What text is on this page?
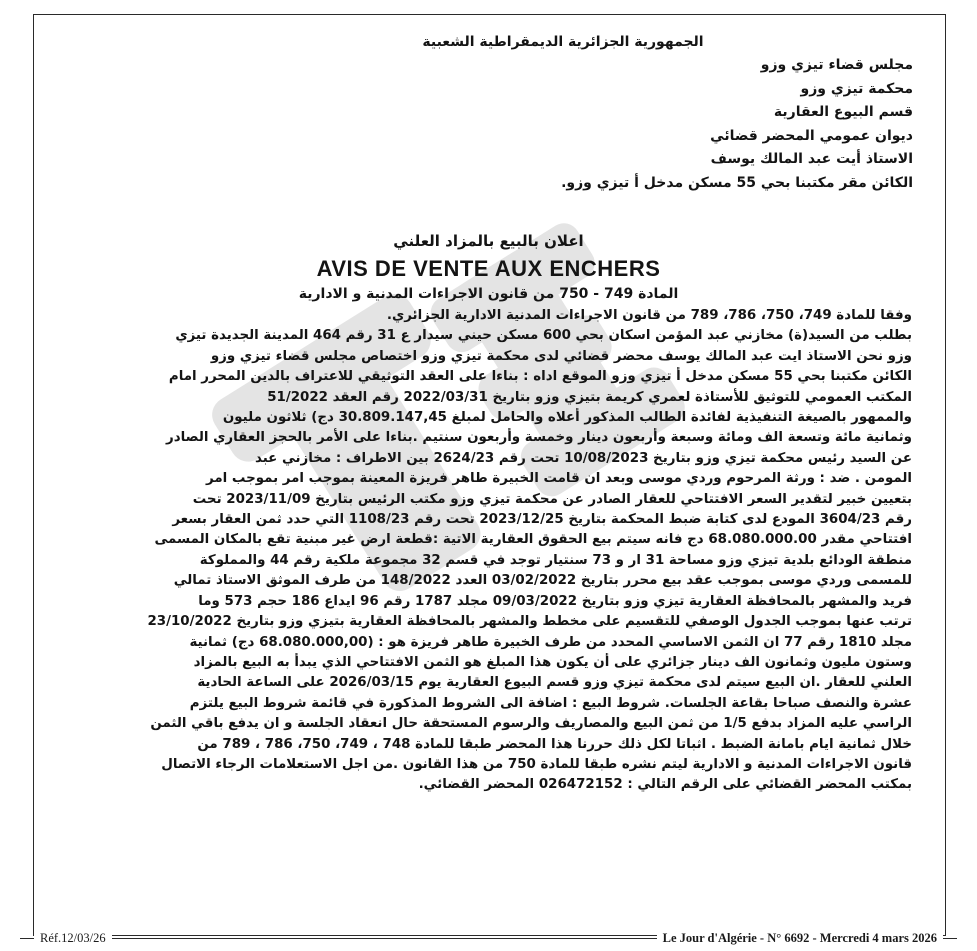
الجمهورية الجزائرية الديمقراطية الشعبية
مجلس قضاء تيزي وزو
محكمة تيزي وزو
قسم البيوع العقارية
ديوان عمومي المحضر قضائي
الاستاذ أيت عبد المالك يوسف
الكائن مقر مكتبنا بحي 55 مسكن مدخل أ تيزي وزو.
اعلان بالبيع بالمزاد العلني
AVIS DE VENTE AUX ENCHERS
المادة 749 - 750 من قانون الاجراءات المدنية و الادارية

وفقا للمادة 749، 750، 786، 789 من قانون الاجراءات المدنية الادارية الجزائري.

بطلب من السيد(ة) مخازني عبد المؤمن اسكان بحي 600 مسكن حيني سيدار ع 31 رقم 464 المدينة الجديدة تيزي

وزو نحن الاستاذ ايت عبد المالك يوسف محضر قضائي لدى محكمة تيزي وزو اختصاص مجلس قضاء تيزي وزو

الكائن مكتبنا بحي 55 مسكن مدخل أ تيزي وزو الموقع اداه : بناءا على العقد التوثيقي للاعتراف بالدين المحرر امام

المكتب العمومي للتوثيق للأستاذة لعمري كريمة بتيزي وزو بتاريخ 2022/03/31 رقم العقد 51/2022

والممهور بالصيغة التنفيذية لفائدة الطالب المذكور أعلاه والحامل لمبلغ 30.809.147,45 دج) ثلاثون مليون

وثمانية مائة وتسعة الف ومائة وسبعة وأربعون دينار وخمسة وأربعون سنتيم .بناءا على الأمر بالحجز العقاري الصادر

عن السيد رئيس محكمة تيزي وزو بتاريخ 10/08/2023 تحت رقم 2624/23 بين الاطراف : مخازني عبد

المومن . ضد : ورثة المرحوم وردي موسى وبعد ان قامت الخبيرة طاهر فريزة المعينة بموجب امر بموجب امر

بتعيين خبير لتقدير السعر الافتتاحي للعقار الصادر عن محكمة تيزي وزو مكتب الرئيس بتاريخ 2023/11/09 تحت

رقم 3604/23 المودع لدى كتابة ضبط المحكمة بتاريخ 2023/12/25 تحت رقم 1108/23 التي حدد ثمن العقار بسعر

افتتاحي مقدر 68.080.000.00 دج فانه سيتم بيع الحقوق العقارية الاتية :قطعة ارض غير مبنية تقع بالمكان المسمى

منطقة الودائع بلدية تيزي وزو مساحة 31 ار و 73 سنتيار توجد في قسم 32 مجموعة ملكية رقم 44 والمملوكة

للمسمى وردي موسى بموجب عقد بيع محرر بتاريخ 03/02/2022 العدد 148/2022 من طرف الموثق الاستاذ تمالي

فريد والمشهر بالمحافظة العقارية تيزي وزو بتاريخ 09/03/2022 مجلد 1787 رقم 96 ايداع 186 حجم 573 وما

ترتب عنها بموجب الجدول الوصفي للتقسيم على مخطط والمشهر بالمحافظة العقارية بتيزي وزو بتاريخ 23/10/2022

مجلد 1810 رقم 77 ان الثمن الاساسي المحدد من طرف الخبيرة طاهر فريزة هو : (68.080.000,00 دج) ثمانية

وستون مليون وثمانون الف دينار جزائري على أن يكون هذا المبلغ هو الثمن الافتتاحي الذي يبدأ به البيع بالمزاد

العلني للعقار .ان البيع سيتم لدى محكمة تيزي وزو قسم البيوع العقارية يوم 2026/03/15 على الساعة الحادية

عشرة والنصف صباحا بقاعة الجلسات. شروط البيع : اضافة الى الشروط المذكورة في قائمة شروط البيع يلتزم

الراسي عليه المزاد بدفع 1/5 من ثمن البيع والمصاريف والرسوم المستحقة حال انعقاد الجلسة و ان يدفع باقي الثمن

خلال ثمانية ايام بامانة الضبط . اثباتا لكل ذلك حررنا هذا المحضر طبقا للمادة 748 ، 749، 750، 786 ، 789 من

قانون الاجراءات المدنية و الادارية ليتم نشره طبقا للمادة 750 من هذا القانون .من اجل الاستعلامات الرجاء الاتصال

بمكتب المحضر القضائي على الرقم التالي : 026472152 المحضر القضائي.

Réf.12/03/26	Le Jour d'Algérie - N° 6692 - Mercredi 4 mars 2026
